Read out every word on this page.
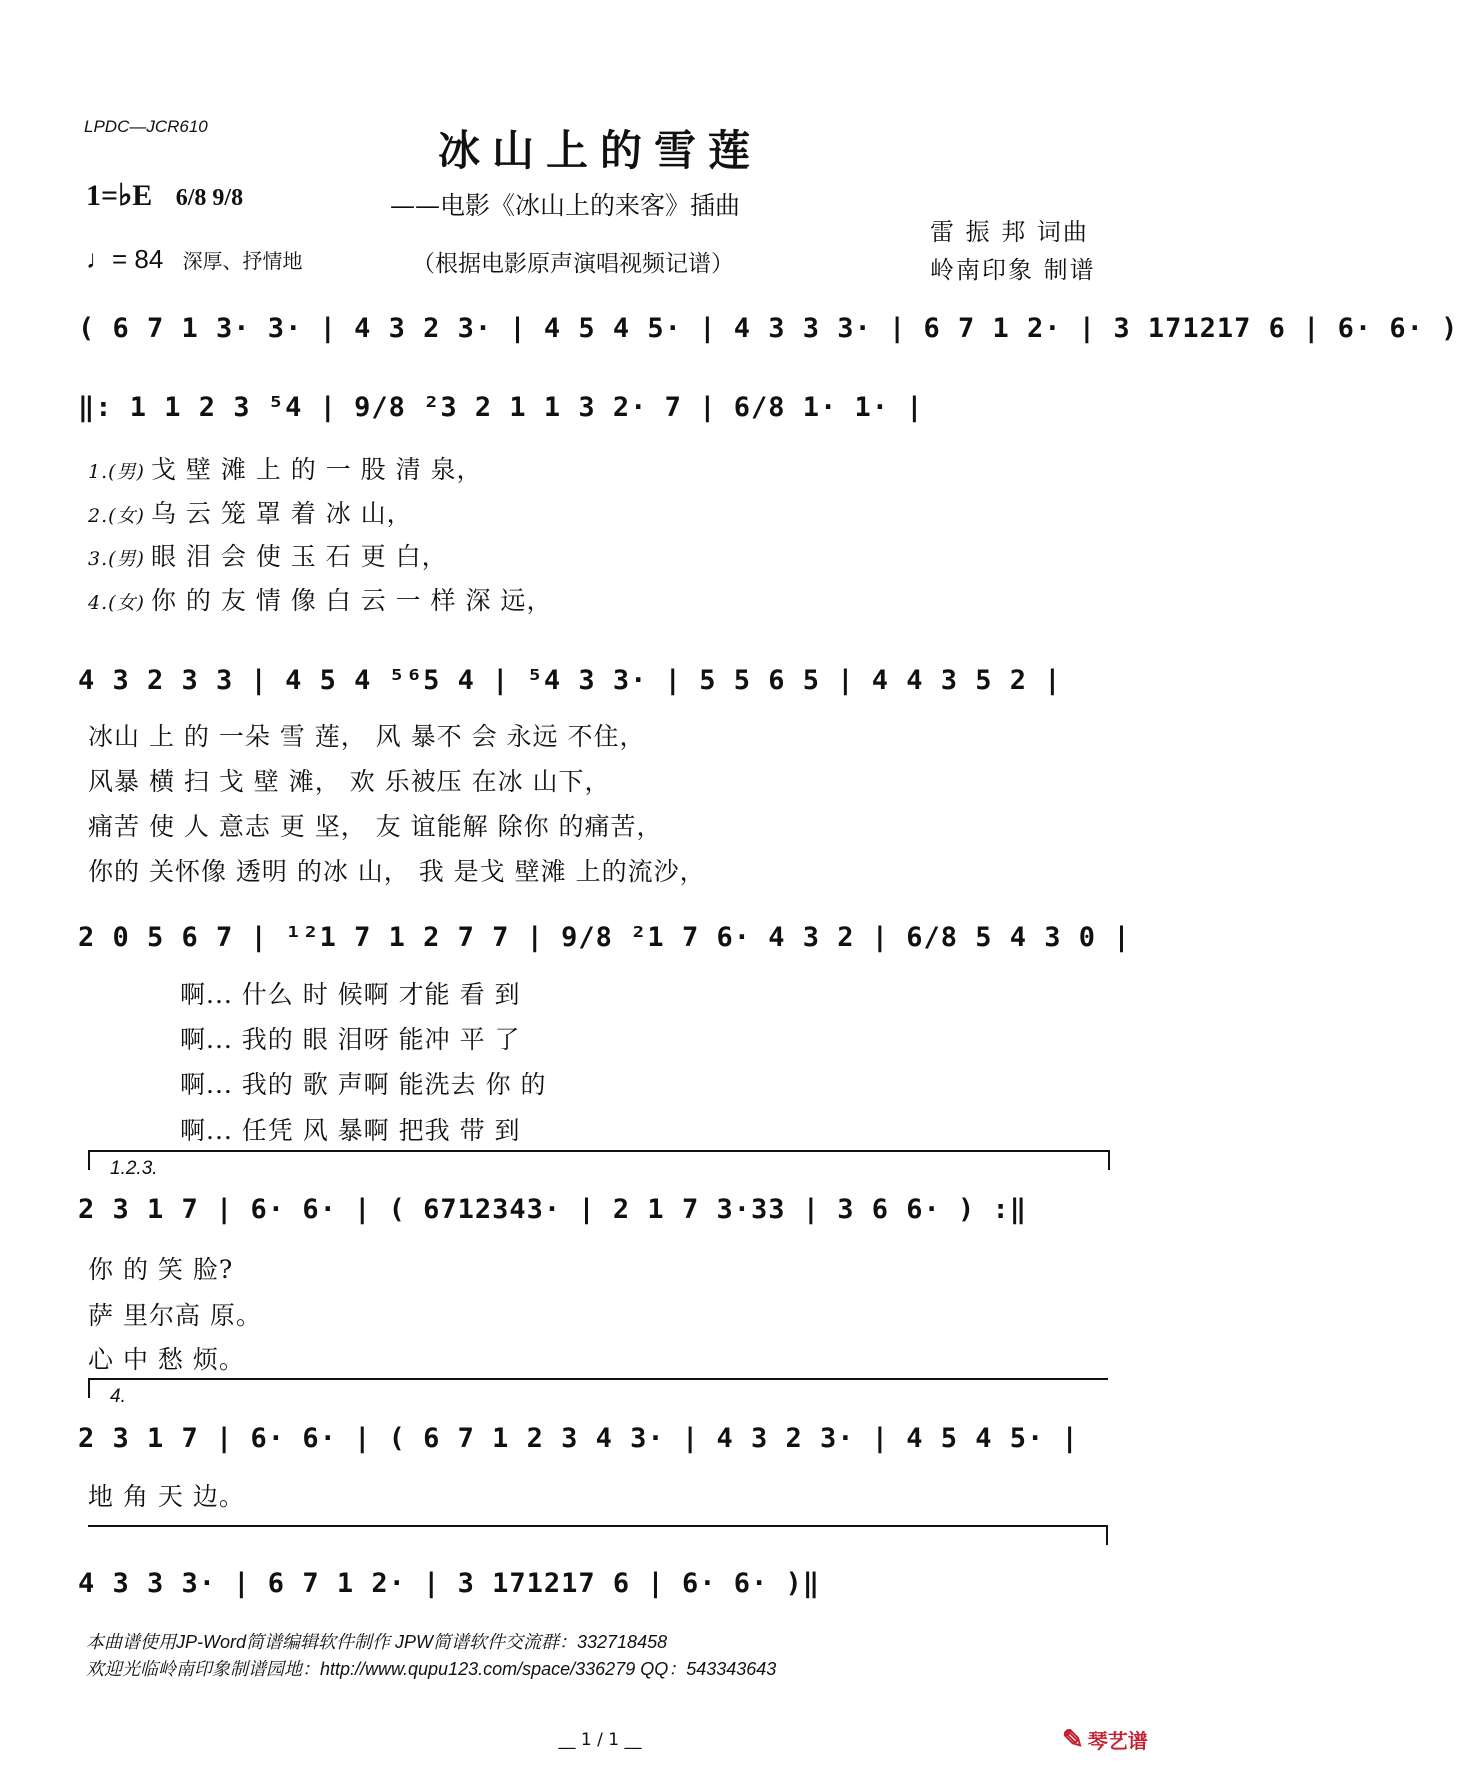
LPDC—JCR610	冰山上的雪莲
——电影《冰山上的来客》插曲
（根据电影原声演唱视频记谱）
雷 振 邦 词曲
岭南印象 制谱
1=♭E 6/8 9/8
♩= 84 深厚、抒情地
( 6 7 1 3· 3· | 4 3 2 3· | 4 5 4 5· | 4 3 3 3· | 6 7 1 2· | 3 171217 6 | 6· 6· )
‖: 1 1 2 3 ⁵4 | 9/8 ²3 2 1 1 3 2· 7 | 6/8 1· 1· |
1.(男) 戈 壁 滩 上 的 一 股 清 泉，
2.(女) 乌 云 笼 罩 着 冰 山，
3.(男) 眼 泪 会 使 玉 石 更 白，
4.(女) 你 的 友 情 像 白 云 一 样 深 远，
4 3 2 3 3 | 4 5 4 ⁵⁶5 4 | ⁵4 3 3· | 5 5 6 5 | 4 4 3 5 2 |
冰山 上 的 一朵 雪 莲， 风 暴不 会 永远 不住，
风暴 横 扫 戈 壁 滩， 欢 乐被压 在冰 山下，
痛苦 使 人 意志 更 坚， 友 谊能解 除你 的痛苦，
你的 关怀像 透明 的冰 山， 我 是戈 壁滩 上的流沙，
2 0 5 6 7 | ¹²1 7 1 2 7 7 | 9/8 ²1 7 6· 4 3 2 | 6/8 5 4 3 0 |
啊... 什么 时 候啊 才能 看 到
啊... 我的 眼 泪呀 能冲 平 了
啊... 我的 歌 声啊 能洗去 你 的
啊... 任凭 风 暴啊 把我 带 到
1.2.3.
2 3 1 7 | 6· 6· | ( 6712343· | 2 1 7 3·33 | 3 6 6· ) :‖
你 的 笑 脸?
萨 里尔高 原。
心 中 愁 烦。
4.
2 3 1 7 | 6· 6· | ( 6 7 1 2 3 4 3· | 4 3 2 3· | 4 5 4 5· |
地 角 天 边。
4 3 3 3· | 6 7 1 2· | 3 171217 6 | 6· 6· )‖
本曲谱使用JP-Word简谱编辑软件制作 JPW简谱软件交流群：332718458
欢迎光临岭南印象制谱园地：http://www.qupu123.com/space/336279 QQ：543343643
__ 1 / 1 __	✎ 琴艺谱
